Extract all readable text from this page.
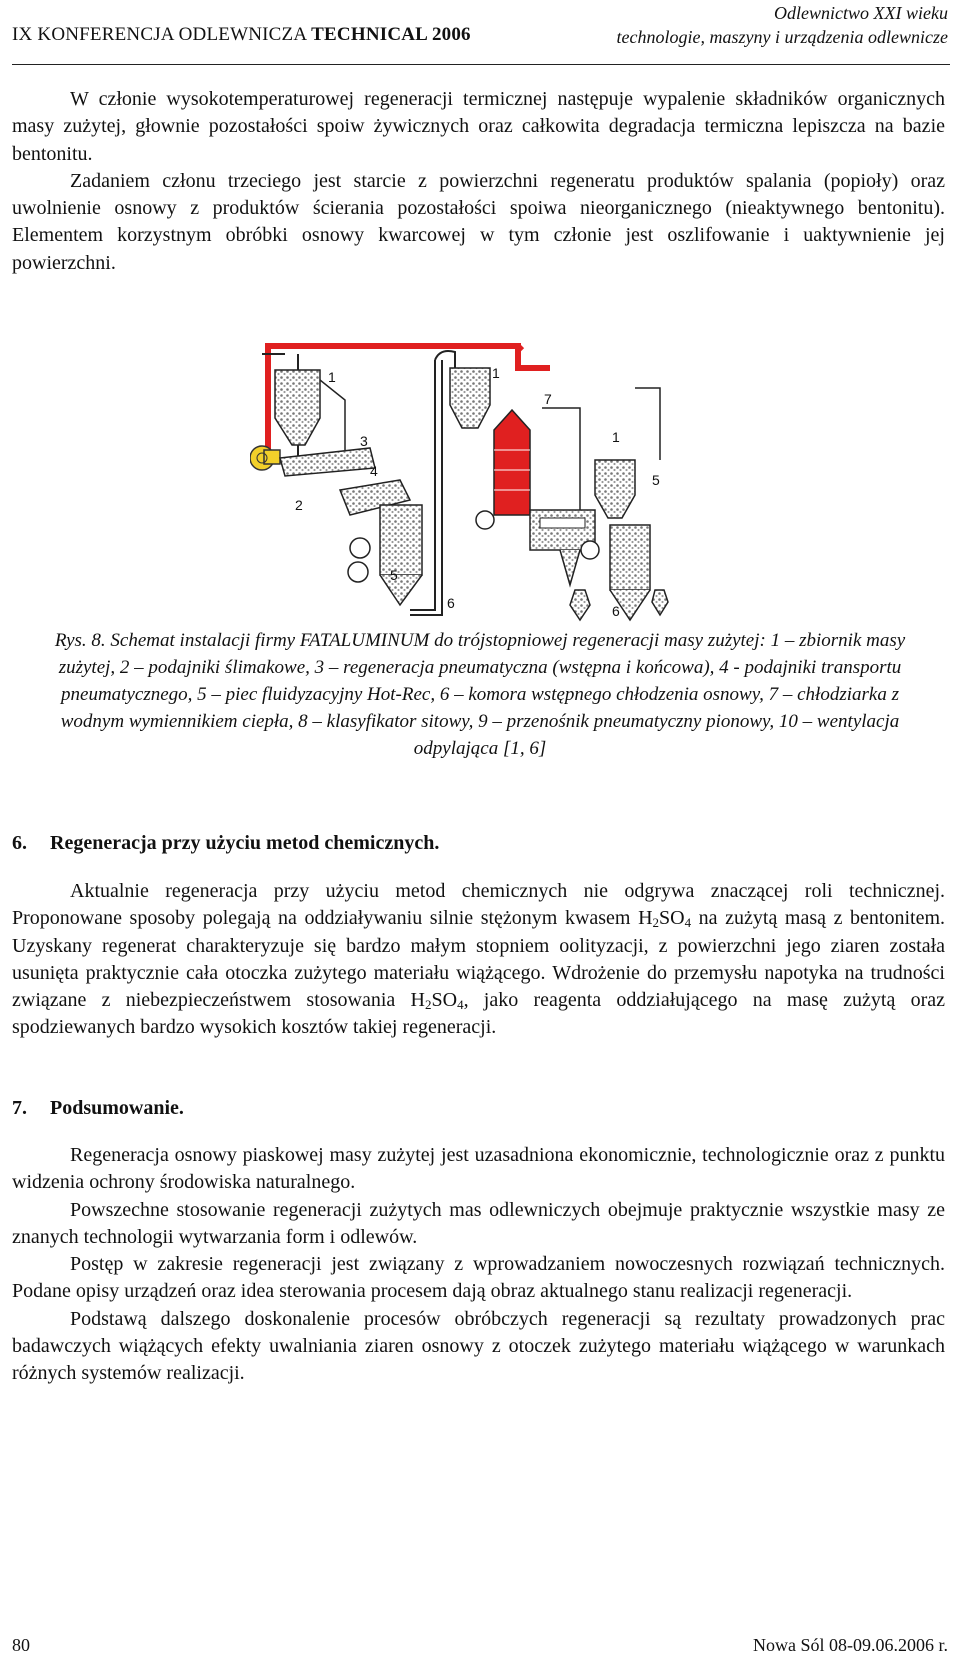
IX KONFERENCJA ODLEWNICZA TECHNICAL 2006
Odlewnictwo XXI wieku
technologie, maszyny i urządzenia odlewnicze

W członie wysokotemperaturowej regeneracji termicznej następuje wypalenie składników organicznych masy zużytej, głownie pozostałości spoiw żywicznych oraz całkowita degradacja termiczna lepiszcza na bazie bentonitu.

Zadaniem członu trzeciego jest starcie z powierzchni regeneratu produktów spalania (popioły) oraz uwolnienie osnowy z produktów ścierania pozostałości spoiwa nieorganicznego (nieaktywnego bentonitu). Elementem korzystnym obróbki osnowy kwarcowej w tym członie jest oszlifowanie i uaktywnienie jej powierzchni.

1	1
1
2
3
4
5
5
6	6
7
Rys. 8. Schemat instalacji firmy FATALUMINUM do trójstopniowej regeneracji masy zużytej: 1 – zbiornik masy zużytej, 2 – podajniki ślimakowe, 3 – regeneracja pneumatyczna (wstępna i końcowa), 4 - podajniki transportu pneumatycznego, 5 – piec fluidyzacyjny Hot-Rec, 6 – komora wstępnego chłodzenia osnowy, 7 – chłodziarka z wodnym wymiennikiem ciepła, 8 – klasyfikator sitowy, 9 – przenośnik pneumatyczny pionowy, 10 – wentylacja odpylająca [1, 6]
6. Regeneracja przy użyciu metod chemicznych.

Aktualnie regeneracja przy użyciu metod chemicznych nie odgrywa znaczącej roli technicznej. Proponowane sposoby polegają na oddziaływaniu silnie stężonym kwasem $H_2SO_4$ na zużytą masą z bentonitem. Uzyskany regenerat charakteryzuje się bardzo małym stopniem oolityzacji, z powierzchni jego ziaren została usunięta praktycznie cała otoczka zużytego materiału wiążącego. Wdrożenie do przemysłu napotyka na trudności związane z niebezpieczeństwem stosowania $H_2SO_4$, jako reagenta oddziałującego na masę zużytą oraz spodziewanych bardzo wysokich kosztów takiej regeneracji.

7. Podsumowanie.

Regeneracja osnowy piaskowej masy zużytej jest uzasadniona ekonomicznie, technologicznie oraz z punktu widzenia ochrony środowiska naturalnego.

Powszechne stosowanie regeneracji zużytych mas odlewniczych obejmuje praktycznie wszystkie masy ze znanych technologii wytwarzania form i odlewów.

Postęp w zakresie regeneracji jest związany z wprowadzaniem nowoczesnych rozwiązań technicznych. Podane opisy urządzeń oraz idea sterowania procesem dają obraz aktualnego stanu realizacji regeneracji.

Podstawą dalszego doskonalenie procesów obróbczych regeneracji są rezultaty prowadzonych prac badawczych wiążących efekty uwalniania ziaren osnowy z otoczek zużytego materiału wiążącego w warunkach różnych systemów realizacji.

80	Nowa Sól 08-09.06.2006 r.
